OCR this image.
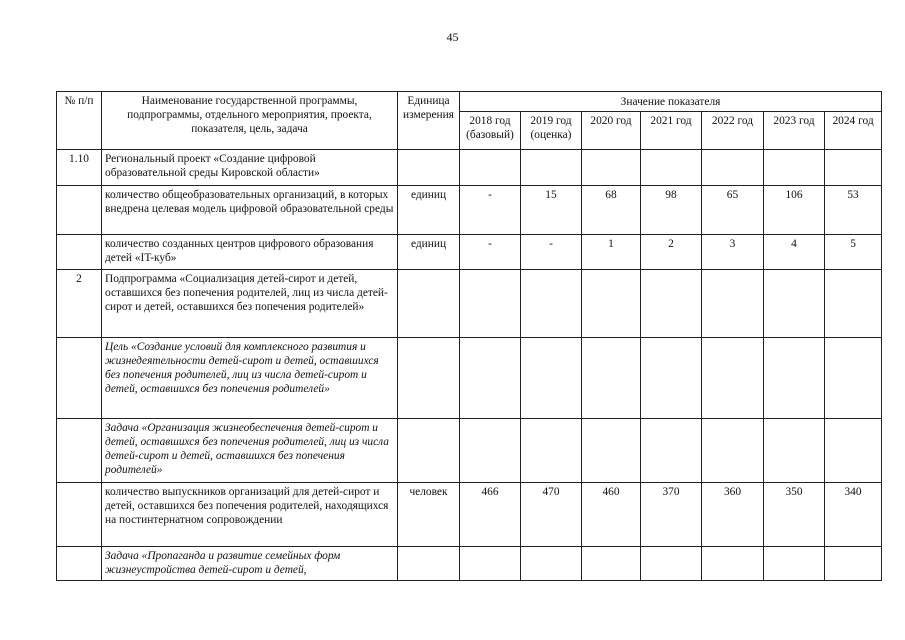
45
№ п/п	Наименование государственной программы, подпрограммы, отдельного мероприятия, проекта, показателя, цель, задача	Единица измерения	Значение показателя						
			2018 год (базовый)	2019 год (оценка)	2020 год	2021 год	2022 год	2023 год	2024 год
1.10	Региональный проект «Создание цифровой образовательной среды Кировской области»								
	количество общеобразовательных организаций, в которых внедрена целевая модель цифровой образовательной среды	единиц	-	15	68	98	65	106	53
	количество созданных центров цифрового образования детей «IT-куб»	единиц	-	-	1	2	3	4	5
2	Подпрограмма «Социализация детей-сирот и детей, оставшихся без попечения родителей, лиц из числа детей-сирот и детей, оставшихся без попечения родителей»								
	Цель «Создание условий для комплексного развития и жизнедеятельности детей-сирот и детей, оставшихся без попечения родителей, лиц из числа детей-сирот и детей, оставшихся без попечения родителей»								
	Задача «Организация жизнеобеспечения детей-сирот и детей, оставшихся без попечения родителей, лиц из числа детей-сирот и детей, оставшихся без попечения родителей»								
	количество выпускников организаций для детей-сирот и детей, оставшихся без попечения родителей, находящихся на постинтернатном сопровождении	человек	466	470	460	370	360	350	340
	Задача «Пропаганда и развитие семейных форм жизнеустройства детей-сирот и детей,								
